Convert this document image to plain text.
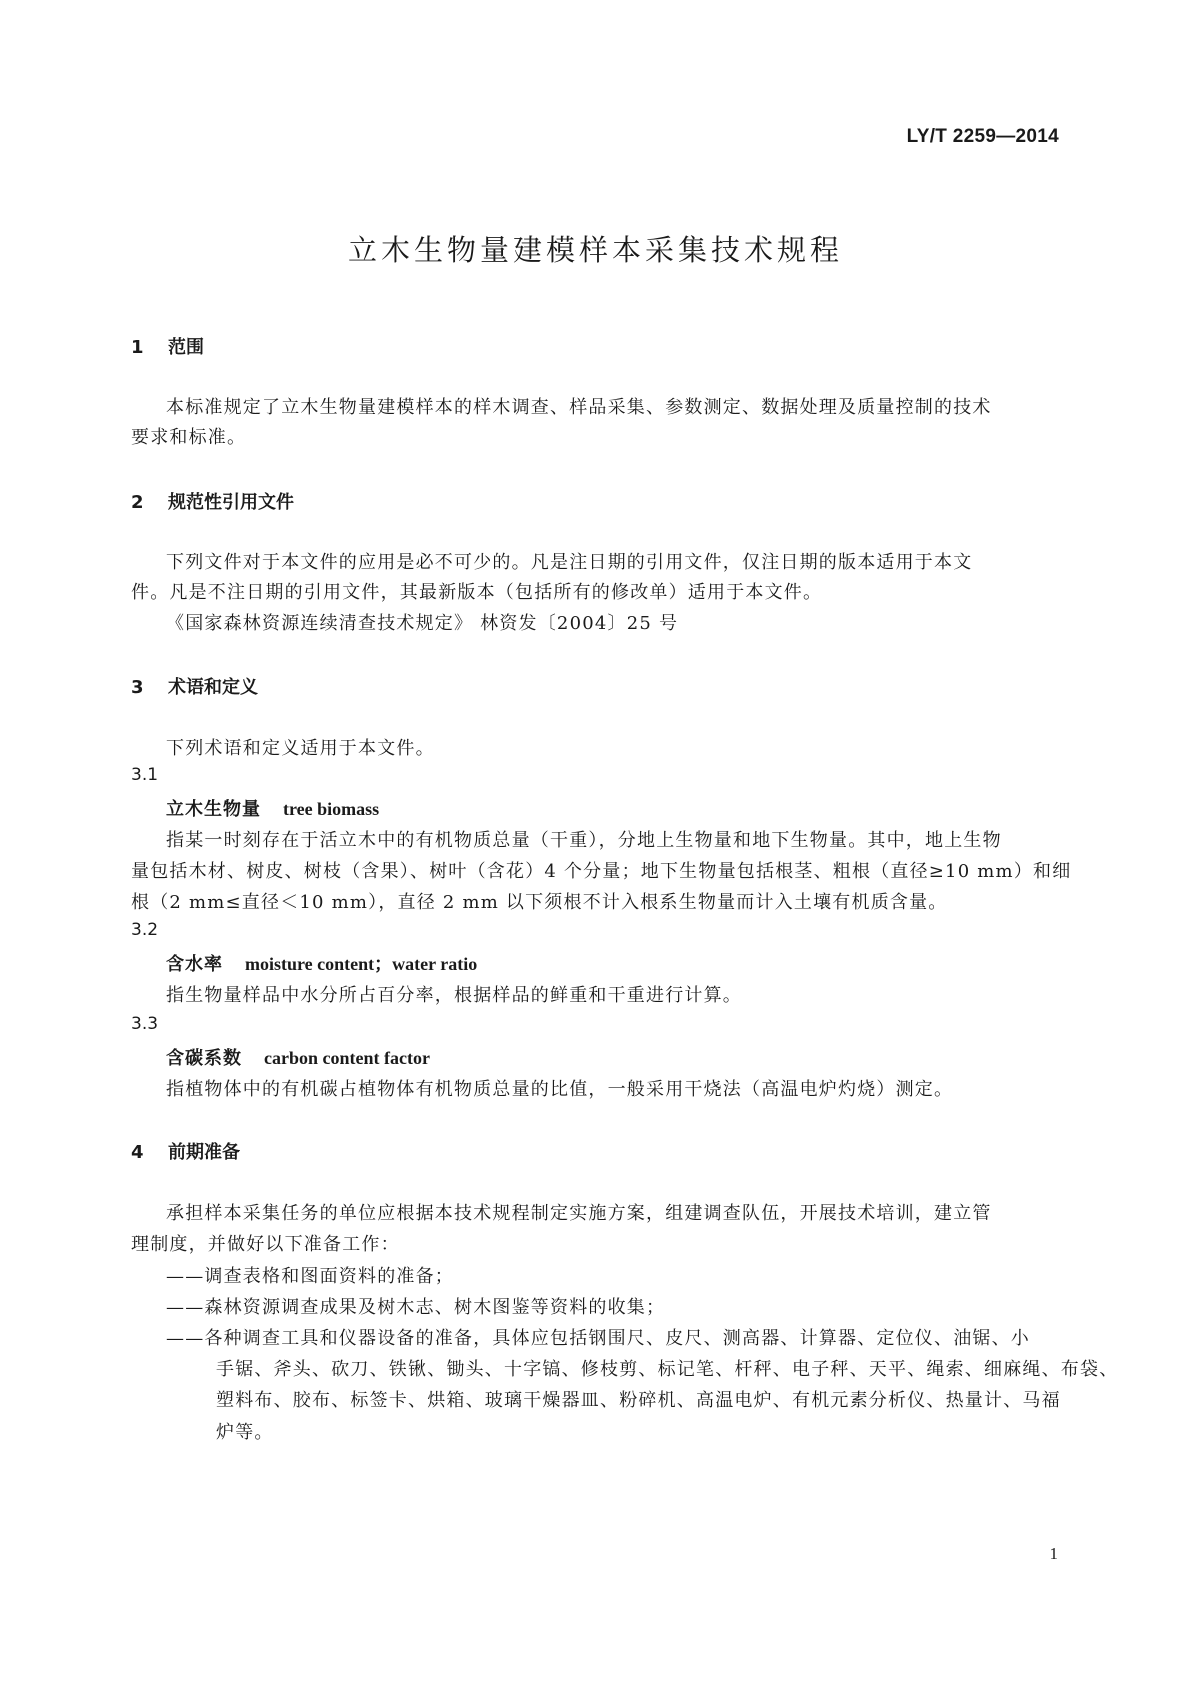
LY/T 2259—2014
立木生物量建模样本采集技术规程
1 范围
本标准规定了立木生物量建模样本的样木调查、样品采集、参数测定、数据处理及质量控制的技术
要求和标准。
2 规范性引用文件
下列文件对于本文件的应用是必不可少的。凡是注日期的引用文件，仅注日期的版本适用于本文
件。凡是不注日期的引用文件，其最新版本（包括所有的修改单）适用于本文件。
《国家森林资源连续清查技术规定》 林资发〔2004〕25 号
3 术语和定义
下列术语和定义适用于本文件。
3.1
立木生物量 tree biomass
指某一时刻存在于活立木中的有机物质总量（干重），分地上生物量和地下生物量。其中，地上生物
量包括木材、树皮、树枝（含果）、树叶（含花）4 个分量；地下生物量包括根茎、粗根（直径≥10 mm）和细
根（2 mm≤直径＜10 mm），直径 2 mm 以下须根不计入根系生物量而计入土壤有机质含量。
3.2
含水率 moisture content；water ratio
指生物量样品中水分所占百分率，根据样品的鲜重和干重进行计算。
3.3
含碳系数 carbon content factor
指植物体中的有机碳占植物体有机物质总量的比值，一般采用干烧法（高温电炉灼烧）测定。
4 前期准备
承担样本采集任务的单位应根据本技术规程制定实施方案，组建调查队伍，开展技术培训，建立管
理制度，并做好以下准备工作：
——调查表格和图面资料的准备；
——森林资源调查成果及树木志、树木图鉴等资料的收集；
——各种调查工具和仪器设备的准备，具体应包括钢围尺、皮尺、测高器、计算器、定位仪、油锯、小
手锯、斧头、砍刀、铁锹、锄头、十字镐、修枝剪、标记笔、杆秤、电子秤、天平、绳索、细麻绳、布袋、
塑料布、胶布、标签卡、烘箱、玻璃干燥器皿、粉碎机、高温电炉、有机元素分析仪、热量计、马福
炉等。
1
